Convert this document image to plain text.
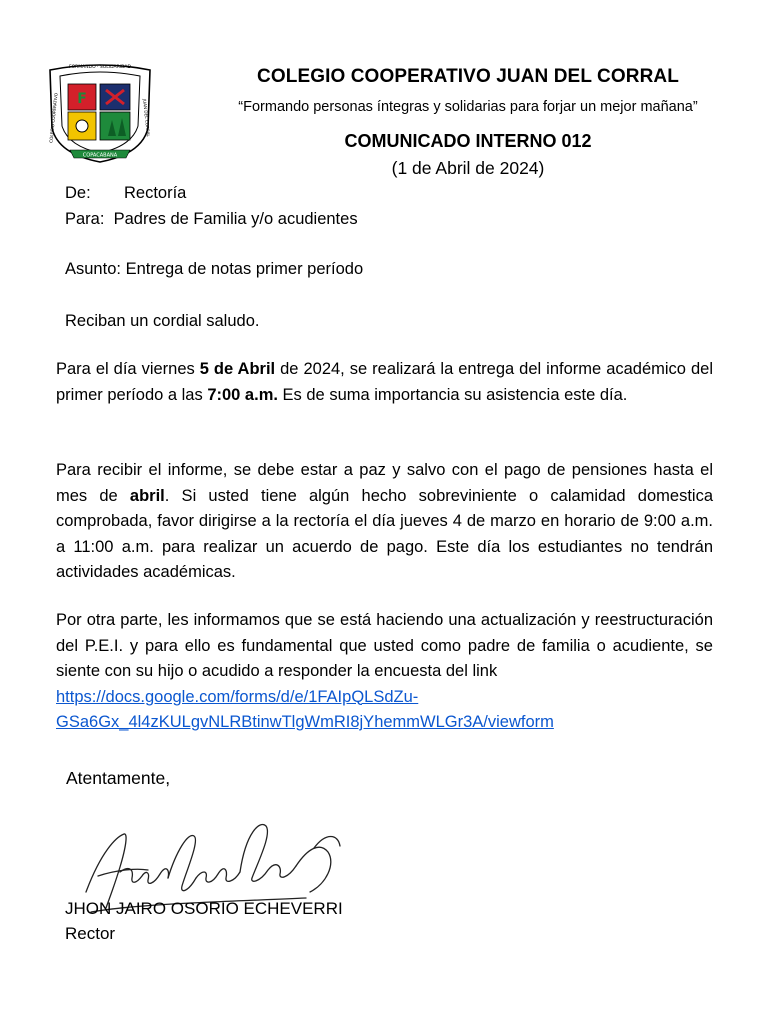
F
COPACABANA
FORMANDO · SOLIDARIDAD
COLEGIO COOPERATIVO	JUAN DEL CORRAL
COLEGIO COOPERATIVO JUAN DEL CORRAL
“Formando personas íntegras y solidarias para forjar un mejor mañana”
COMUNICADO INTERNO 012
(1 de Abril de 2024)
De: Rectoría
Para: Padres de Familia y/o acudientes
Asunto: Entrega de notas primer período
Reciban un cordial saludo.
Para el día viernes 5 de Abril de 2024, se realizará la entrega del informe académico del primer período a las 7:00 a.m. Es de suma importancia su asistencia este día.
Para recibir el informe, se debe estar a paz y salvo con el pago de pensiones hasta el mes de abril. Si usted tiene algún hecho sobreviniente o calamidad domestica comprobada, favor dirigirse a la rectoría el día jueves 4 de marzo en horario de 9:00 a.m. a 11:00 a.m. para realizar un acuerdo de pago. Este día los estudiantes no tendrán actividades académicas.
Por otra parte, les informamos que se está haciendo una actualización y reestructuración del P.E.I. y para ello es fundamental que usted como padre de familia o acudiente, se siente con su hijo o acudido a responder la encuesta del link
https://docs.google.com/forms/d/e/1FAIpQLSdZu-
GSa6Gx_4l4zKULgvNLRBtinwTlgWmRI8jYhemmWLGr3A/viewform
Atentamente,
JHON JAIRO OSORIO ECHEVERRI
Rector
